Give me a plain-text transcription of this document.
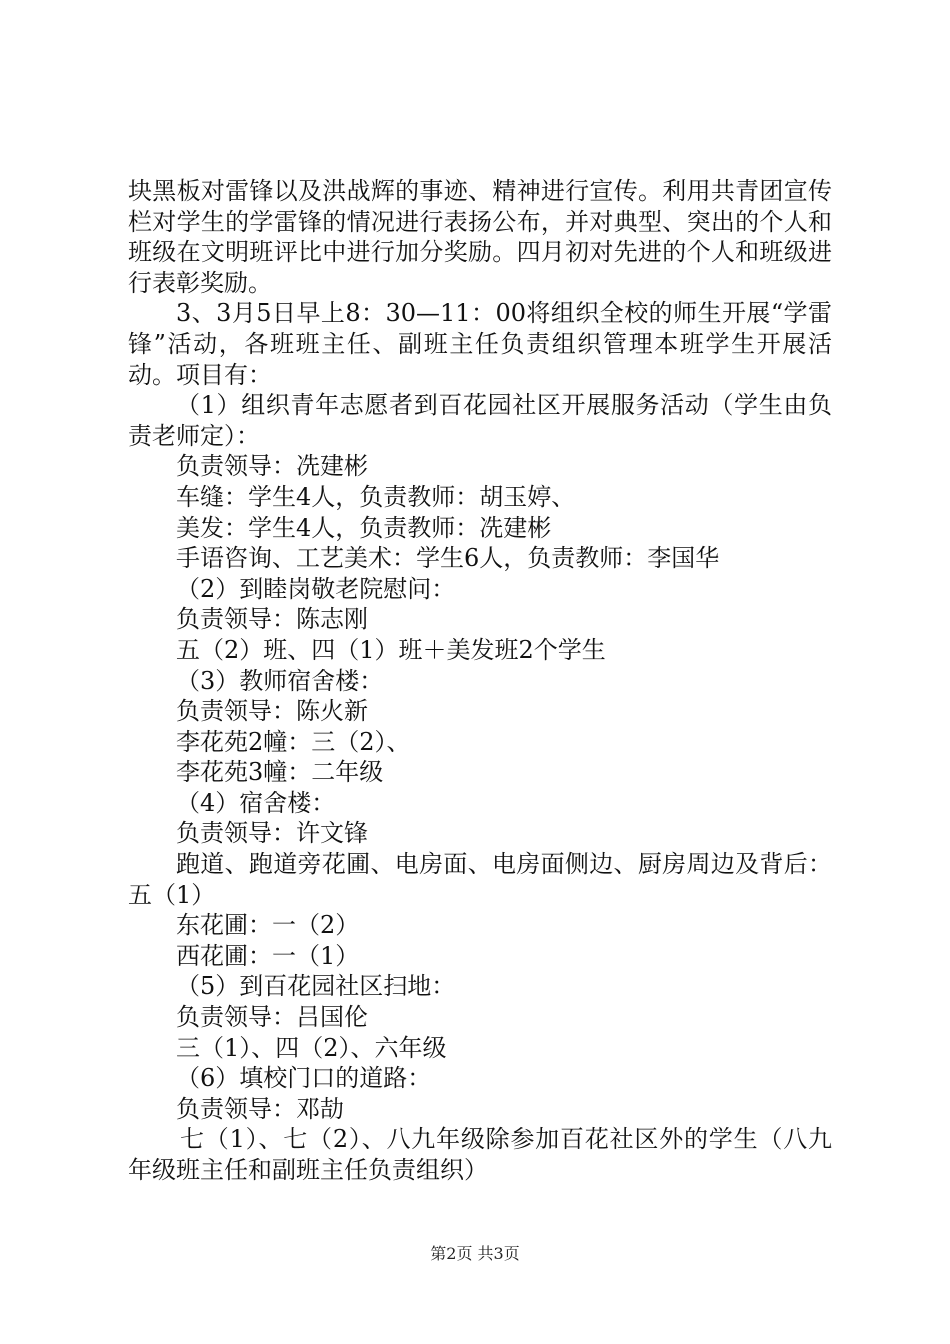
块黑板对雷锋以及洪战辉的事迹、精神进行宣传。利用共青团宣传栏对学生的学雷锋的情况进行表扬公布，并对典型、突出的个人和班级在文明班评比中进行加分奖励。四月初对先进的个人和班级进行表彰奖励。

3、3月5日早上8：30—11：00将组织全校的师生开展“学雷锋”活动，各班班主任、副班主任负责组织管理本班学生开展活动。项目有：

（1）组织青年志愿者到百花园社区开展服务活动（学生由负责老师定）：

负责领导：冼建彬

车缝：学生4人，负责教师：胡玉婷、

美发：学生4人，负责教师：冼建彬

手语咨询、工艺美术：学生6人，负责教师：李国华

（2）到睦岗敬老院慰问：

负责领导：陈志刚

五（2）班、四（1）班＋美发班2个学生

（3）教师宿舍楼：

负责领导：陈火新

李花苑2幢：三（2）、

李花苑3幢：二年级

（4）宿舍楼：

负责领导：许文锋

跑道、跑道旁花圃、电房面、电房面侧边、厨房周边及背后：五（1）

东花圃：一（2）

西花圃：一（1）

（5）到百花园社区扫地：

负责领导：吕国伦

三（1）、四（2）、六年级

（6）填校门口的道路：

负责领导：邓劼

七（1）、七（2）、八九年级除参加百花社区外的学生（八九年级班主任和副班主任负责组织）

第2页 共3页
